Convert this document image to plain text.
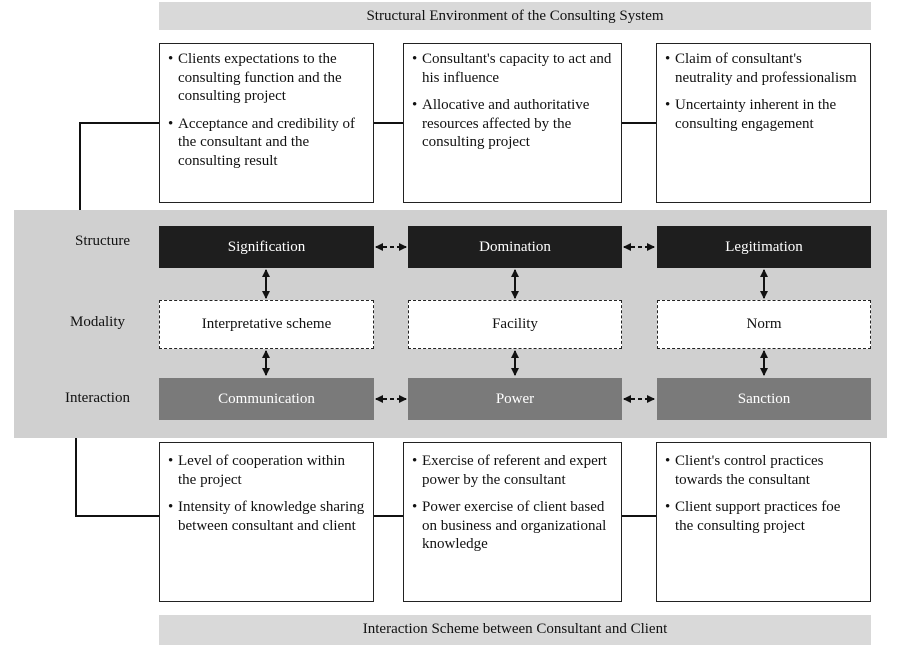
Structural Environment of the Consulting System
Structure
Modality
Interaction
• Clients expectations to the consulting function and the consulting project
• Acceptance and credibility of the consultant and the consulting result
• Consultant's capacity to act and his influence
• Allocative and authoritative resources affected by the consulting project
• Claim of consultant's neutrality and professionalism
• Uncertainty inherent in the consulting engagement
Signification	Domination	Legitimation
Interpretative scheme	Facility	Norm
Communication	Power	Sanction
• Level of cooperation within the project
• Intensity of knowledge sharing between consultant and client
• Exercise of referent and expert power by the consultant
• Power exercise of client based on business and organizational knowledge
• Client's control practices towards the consultant
• Client support practices foe the consulting project
Interaction Scheme between Consultant and Client
